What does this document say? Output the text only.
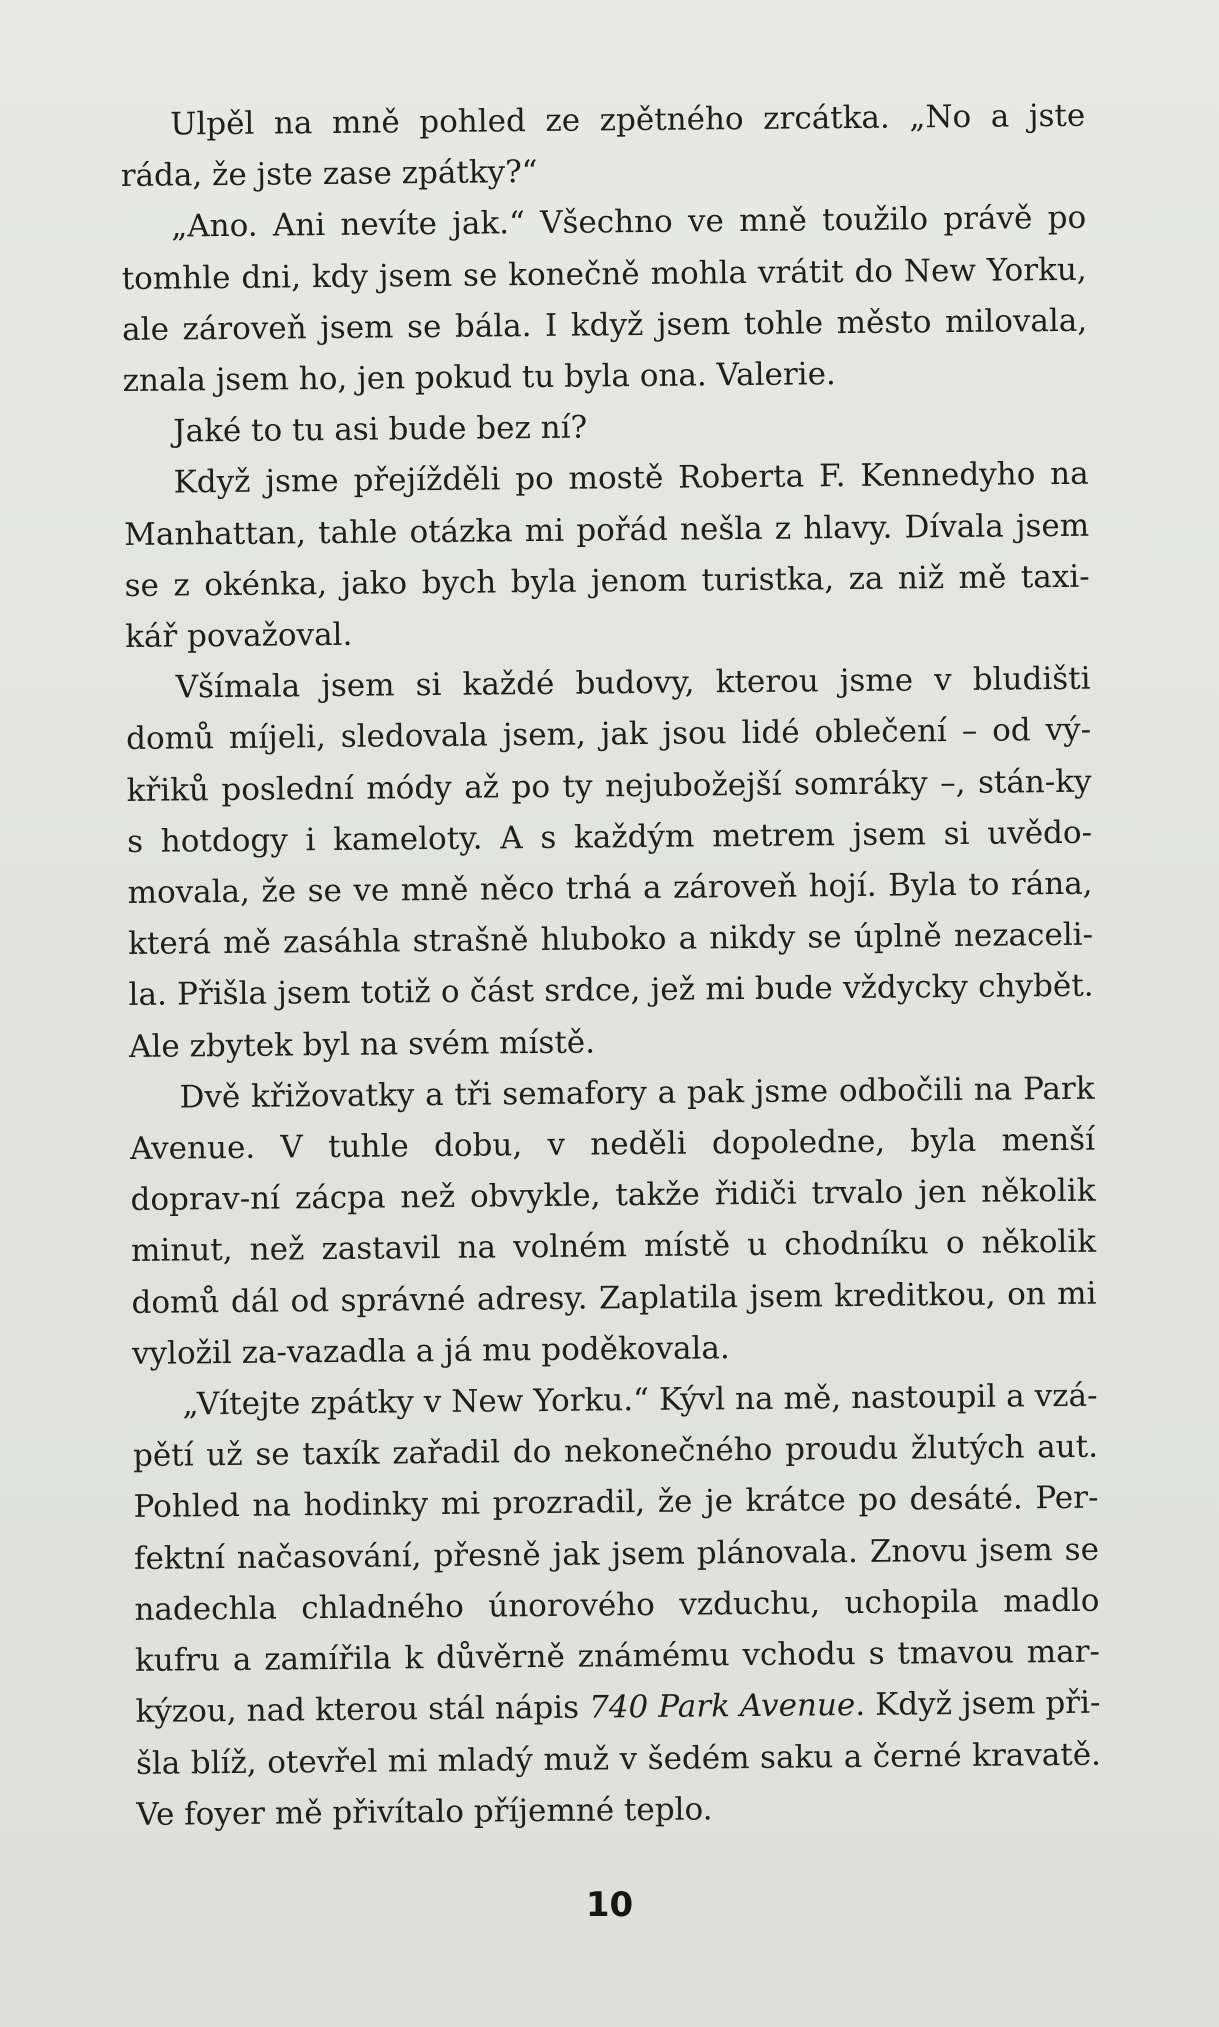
Ulpěl na mně pohled ze zpětného zrcátka. „No a jste ráda, že jste zase zpátky?“

„Ano. Ani nevíte jak.“ Všechno ve mně toužilo právě po tomhle dni, kdy jsem se konečně mohla vrátit do New Yorku, ale zároveň jsem se bála. I když jsem tohle město milovala, znala jsem ho, jen pokud tu byla ona. Valerie.

Jaké to tu asi bude bez ní?

Když jsme přejížděli po mostě Roberta F. Kennedyho na Manhattan, tahle otázka mi pořád nešla z hlavy. Dívala jsem se z okénka, jako bych byla jenom turistka, za niž mě taxi-kář považoval.

Všímala jsem si každé budovy, kterou jsme v bludišti domů míjeli, sledovala jsem, jak jsou lidé oblečení – od vý-křiků poslední módy až po ty nejubožejší somráky –, stán-ky s hotdogy i kameloty. A s každým metrem jsem si uvědo-movala, že se ve mně něco trhá a zároveň hojí. Byla to rána, která mě zasáhla strašně hluboko a nikdy se úplně nezaceli-la. Přišla jsem totiž o část srdce, jež mi bude vždycky chybět. Ale zbytek byl na svém místě.

Dvě křižovatky a tři semafory a pak jsme odbočili na Park Avenue. V tuhle dobu, v neděli dopoledne, byla menší doprav-ní zácpa než obvykle, takže řidiči trvalo jen několik minut, než zastavil na volném místě u chodníku o několik domů dál od správné adresy. Zaplatila jsem kreditkou, on mi vyložil za-vazadla a já mu poděkovala.

„Vítejte zpátky v New Yorku.“ Kývl na mě, nastoupil a vzá-pětí už se taxík zařadil do nekonečného proudu žlutých aut. Pohled na hodinky mi prozradil, že je krátce po desáté. Per-fektní načasování, přesně jak jsem plánovala. Znovu jsem se nadechla chladného únorového vzduchu, uchopila madlo kufru a zamířila k důvěrně známému vchodu s tmavou mar-kýzou, nad kterou stál nápis 740 Park Avenue. Když jsem při-šla blíž, otevřel mi mladý muž v šedém saku a černé kravatě. Ve foyer mě přivítalo příjemné teplo.

10
